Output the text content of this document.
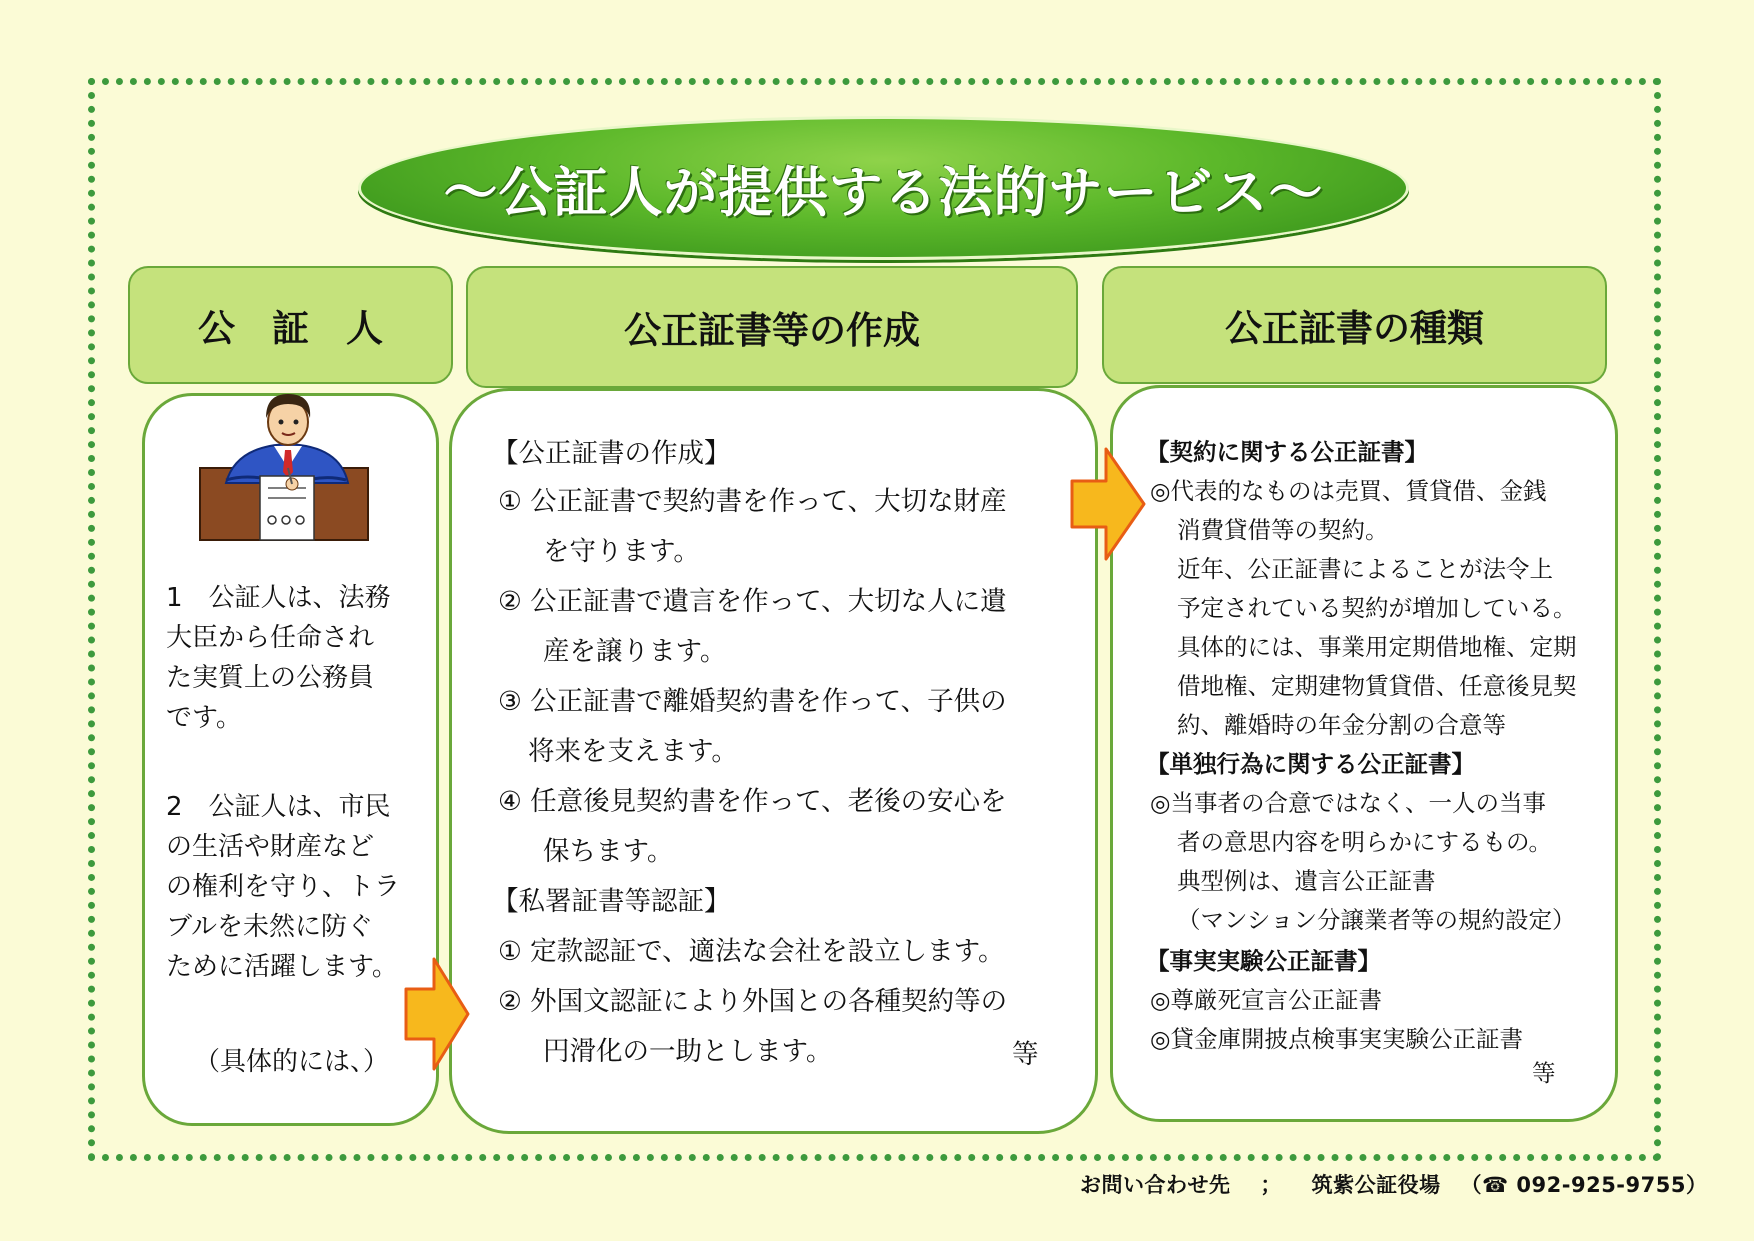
～公証人が提供する法的サービス～
公　証　人	公正証書等の作成	公正証書の種類
1　公証人は、法務
大臣から任命され
た実質上の公務員
です。
2　公証人は、市民
の生活や財産など
の権利を守り、トラ
ブルを未然に防ぐ
ために活躍します。
（具体的には、）
【公正証書の作成】
① 公正証書で契約書を作って、大切な財産
を守ります。
② 公正証書で遺言を作って、大切な人に遺
産を譲ります。
③ 公正証書で離婚契約書を作って、子供の
将来を支えます。
④ 任意後見契約書を作って、老後の安心を
保ちます。
【私署証書等認証】
① 定款認証で、適法な会社を設立します。
② 外国文認証により外国との各種契約等の
円滑化の一助とします。	等
【契約に関する公正証書】
◎代表的なものは売買、賃貸借、金銭
消費貸借等の契約。
近年、公正証書によることが法令上
予定されている契約が増加している。
具体的には、事業用定期借地権、定期
借地権、定期建物賃貸借、任意後見契
約、離婚時の年金分割の合意等
【単独行為に関する公正証書】
◎当事者の合意ではなく、一人の当事
者の意思内容を明らかにするもの。
典型例は、遺言公正証書
（マンション分譲業者等の規約設定）
【事実実験公正証書】
◎尊厳死宣言公正証書
◎貸金庫開披点検事実実験公正証書
等
お問い合わせ先 ； 筑紫公証役場 （☎ 092-925-9755）
